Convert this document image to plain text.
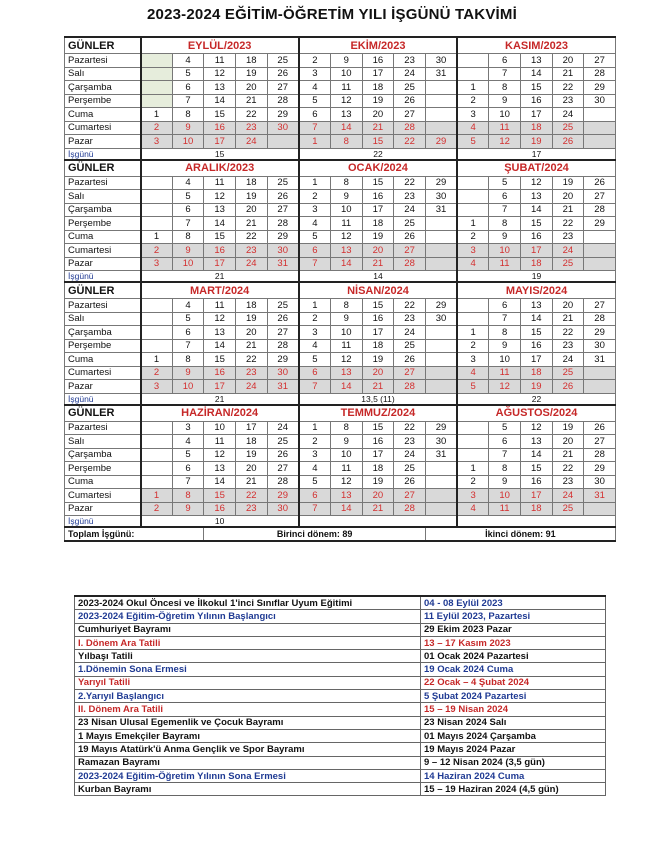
2023-2024 EĞİTİM-ÖĞRETİM YILI İŞGÜNÜ TAKVİMİ
GÜNLER	EYLÜL/2023					EKİM/2023					KASIM/2023				
Pazartesi		4	11	18	25	2	9	16	23	30		6	13	20	27
Salı		5	12	19	26	3	10	17	24	31		7	14	21	28
Çarşamba		6	13	20	27	4	11	18	25		1	8	15	22	29
Perşembe		7	14	21	28	5	12	19	26		2	9	16	23	30
Cuma	1	8	15	22	29	6	13	20	27		3	10	17	24	
Cumartesi	2	9	16	23	30	7	14	21	28		4	11	18	25	
Pazar	3	10	17	24		1	8	15	22	29	5	12	19	26	
İşgünü	15					22					17				
GÜNLER	ARALIK/2023					OCAK/2024					ŞUBAT/2024				
Pazartesi		4	11	18	25	1	8	15	22	29		5	12	19	26
Salı		5	12	19	26	2	9	16	23	30		6	13	20	27
Çarşamba		6	13	20	27	3	10	17	24	31		7	14	21	28
Perşembe		7	14	21	28	4	11	18	25		1	8	15	22	29
Cuma	1	8	15	22	29	5	12	19	26		2	9	16	23	
Cumartesi	2	9	16	23	30	6	13	20	27		3	10	17	24	
Pazar	3	10	17	24	31	7	14	21	28		4	11	18	25	
İşgünü	21					14					19				
GÜNLER	MART/2024					NİSAN/2024					MAYIS/2024				
Pazartesi		4	11	18	25	1	8	15	22	29		6	13	20	27
Salı		5	12	19	26	2	9	16	23	30		7	14	21	28
Çarşamba		6	13	20	27	3	10	17	24		1	8	15	22	29
Perşembe		7	14	21	28	4	11	18	25		2	9	16	23	30
Cuma	1	8	15	22	29	5	12	19	26		3	10	17	24	31
Cumartesi	2	9	16	23	30	6	13	20	27		4	11	18	25	
Pazar	3	10	17	24	31	7	14	21	28		5	12	19	26	
İşgünü	21					13,5 (11)					22				
GÜNLER	HAZİRAN/2024					TEMMUZ/2024					AĞUSTOS/2024				
Pazartesi		3	10	17	24	1	8	15	22	29		5	12	19	26
Salı		4	11	18	25	2	9	16	23	30		6	13	20	27
Çarşamba		5	12	19	26	3	10	17	24	31		7	14	21	28
Perşembe		6	13	20	27	4	11	18	25		1	8	15	22	29
Cuma		7	14	21	28	5	12	19	26		2	9	16	23	30
Cumartesi	1	8	15	22	29	6	13	20	27		3	10	17	24	31
Pazar	2	9	16	23	30	7	14	21	28		4	11	18	25	
İşgünü	10														
Toplam İşgünü:			Birinci dönem: 89							İkinci dönem: 91					
2023-2024 Okul Öncesi ve İlkokul 1'inci Sınıflar Uyum Eğitimi	04 - 08 Eylül 2023
2023-2024 Eğitim-Öğretim Yılının Başlangıcı	11 Eylül 2023, Pazartesi
Cumhuriyet Bayramı	29 Ekim 2023 Pazar
I. Dönem Ara Tatili	13 – 17 Kasım 2023
Yılbaşı Tatili	01 Ocak 2024 Pazartesi
1.Dönemin Sona Ermesi	19 Ocak 2024 Cuma
Yarıyıl Tatili	22 Ocak – 4 Şubat 2024
2.Yarıyıl Başlangıcı	5 Şubat 2024 Pazartesi
II. Dönem Ara Tatili	15 – 19 Nisan 2024
23 Nisan Ulusal Egemenlik ve Çocuk Bayramı	23 Nisan 2024 Salı
1 Mayıs Emekçiler Bayramı	01 Mayıs 2024 Çarşamba
19 Mayıs Atatürk'ü Anma Gençlik ve Spor Bayramı	19 Mayıs 2024 Pazar
Ramazan Bayramı	9 – 12 Nisan 2024 (3,5 gün)
2023-2024 Eğitim-Öğretim Yılının Sona Ermesi	14 Haziran 2024 Cuma
Kurban Bayramı	15 – 19 Haziran 2024 (4,5 gün)
